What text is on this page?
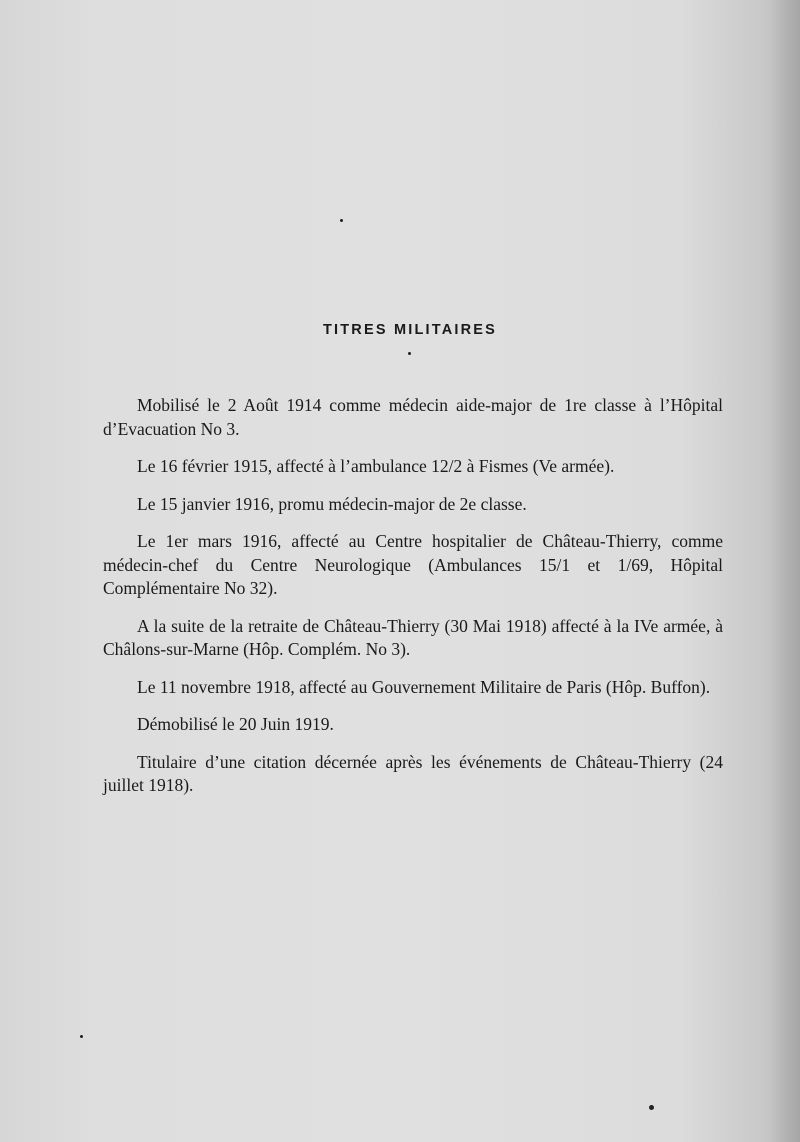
TITRES MILITAIRES

Mobilisé le 2 Août 1914 comme médecin aide-major de 1re classe à l’Hôpital d’Evacuation No 3.

Le 16 février 1915, affecté à l’ambulance 12/2 à Fismes (Ve armée).

Le 15 janvier 1916, promu médecin-major de 2e classe.

Le 1er mars 1916, affecté au Centre hospitalier de Château-Thierry, comme médecin-chef du Centre Neurologique (Ambulances 15/1 et 1/69, Hôpital Complémentaire No 32).

A la suite de la retraite de Château-Thierry (30 Mai 1918) affecté à la IVe armée, à Châlons-sur-Marne (Hôp. Complém. No 3).

Le 11 novembre 1918, affecté au Gouvernement Militaire de Paris (Hôp. Buffon).

Démobilisé le 20 Juin 1919.

Titulaire d’une citation décernée après les événements de Château-Thierry (24 juillet 1918).
